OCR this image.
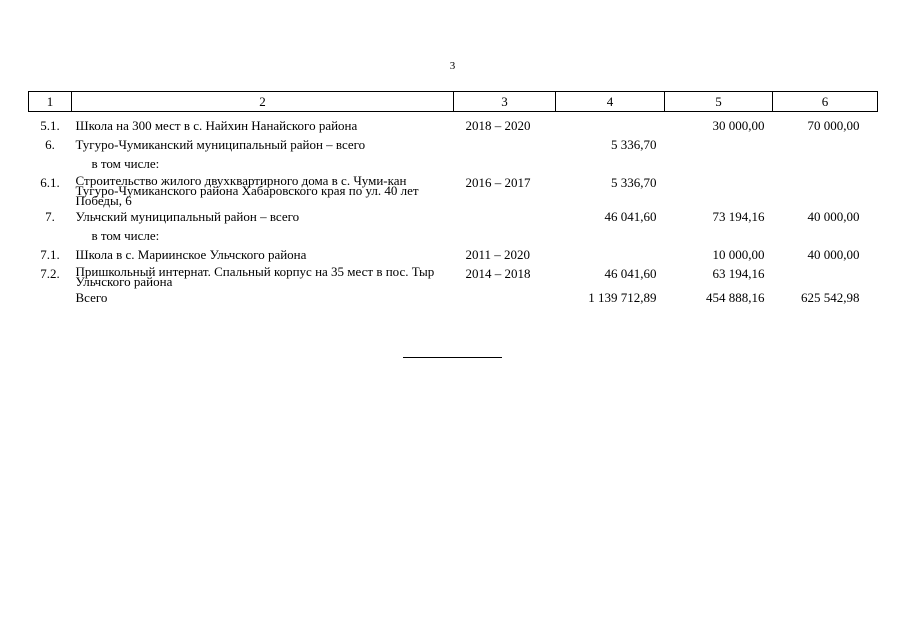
3
1	2	3	4	5	6
5.1.	Школа на 300 мест в с. Найхин Нанайского района	2018 – 2020		30 000,00	70 000,00
6.	Тугуро-Чумиканский муниципальный район – всего		5 336,70		
	в том числе:				
6.1.	Строительство жилого двухквартирного дома в с. Чуми-кан Тугуро-Чумиканского района Хабаровского края по ул. 40 лет Победы, 6	2016 – 2017	5 336,70		
7.	Ульчский муниципальный район – всего		46 041,60	73 194,16	40 000,00
	в том числе:				
7.1.	Школа в с. Мариинское Ульчского района	2011 – 2020		10 000,00	40 000,00
7.2.	Пришкольный интернат. Спальный корпус на 35 мест в пос. Тыр Ульчского района	2014 – 2018	46 041,60	63 194,16	
	Всего		1 139 712,89	454 888,16	625 542,98
